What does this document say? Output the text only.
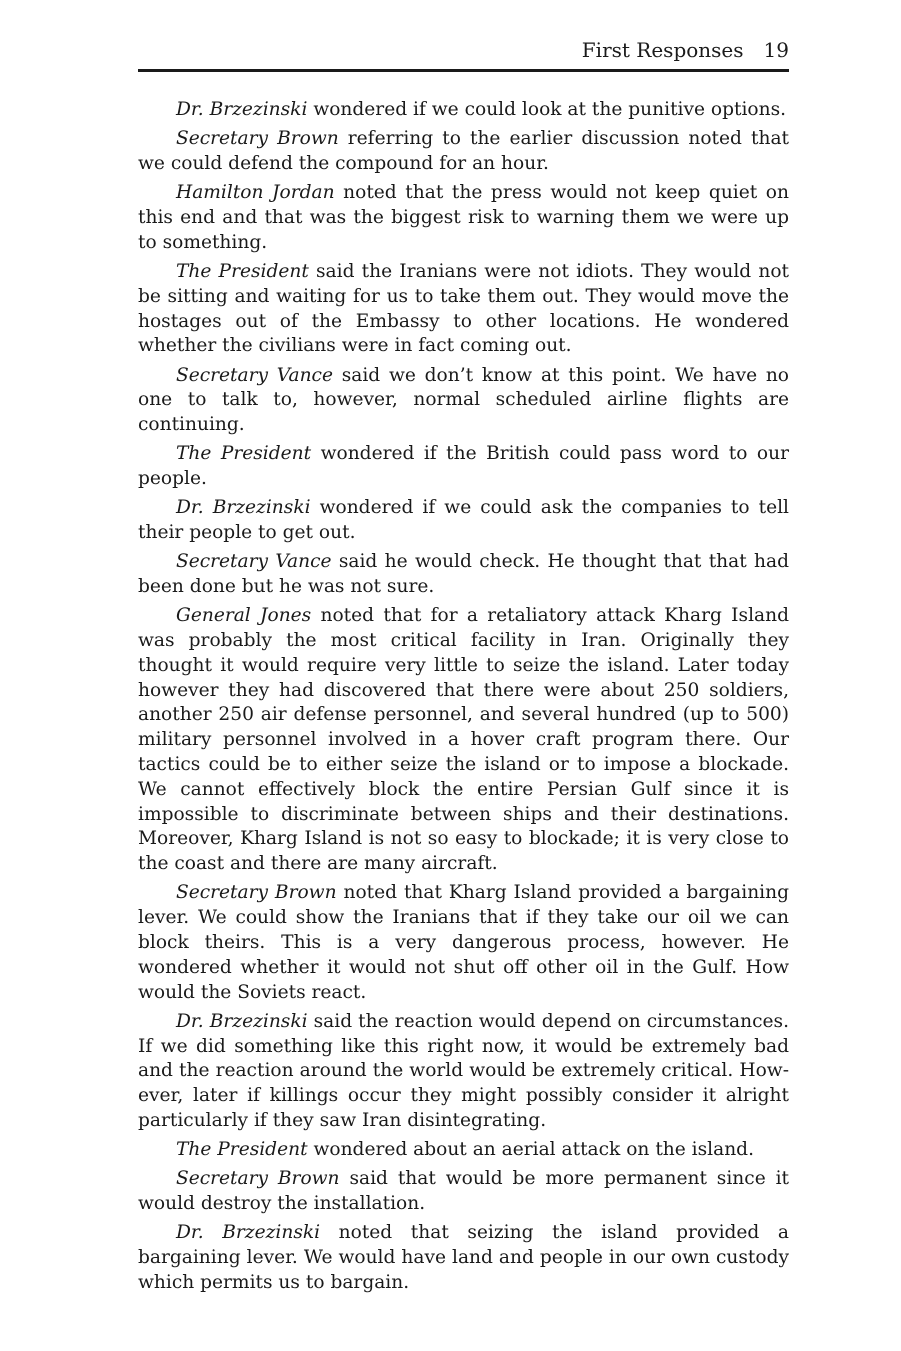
First Responses 19

Dr. Brzezinski wondered if we could look at the punitive options.

Secretary Brown referring to the earlier discussion noted that we could defend the compound for an hour.

Hamilton Jordan noted that the press would not keep quiet on this end and that was the biggest risk to warning them we were up to something.

The President said the Iranians were not idiots. They would not be sitting and waiting for us to take them out. They would move the hostages out of the Embassy to other locations. He wondered whether the civilians were in fact coming out.

Secretary Vance said we don’t know at this point. We have no one to talk to, however, normal scheduled airline flights are continuing.

The President wondered if the British could pass word to our people.

Dr. Brzezinski wondered if we could ask the companies to tell their people to get out.

Secretary Vance said he would check. He thought that that had been done but he was not sure.

General Jones noted that for a retaliatory attack Kharg Island was probably the most critical facility in Iran. Originally they thought it would require very little to seize the island. Later today however they had discovered that there were about 250 soldiers, another 250 air defense personnel, and several hundred (up to 500) military personnel involved in a hover craft program there. Our tactics could be to either seize the island or to impose a blockade. We cannot effectively block the entire Persian Gulf since it is impossible to discriminate between ships and their destinations. Moreover, Kharg Island is not so easy to blockade; it is very close to the coast and there are many aircraft.

Secretary Brown noted that Kharg Island provided a bargaining lever. We could show the Iranians that if they take our oil we can block theirs. This is a very dangerous process, however. He wondered whether it would not shut off other oil in the Gulf. How would the Soviets react.

Dr. Brzezinski said the reaction would depend on circumstances. If we did something like this right now, it would be extremely bad and the reaction around the world would be extremely critical. However, later if killings occur they might possibly consider it alright particularly if they saw Iran disintegrating.

The President wondered about an aerial attack on the island.

Secretary Brown said that would be more permanent since it would destroy the installation.

Dr. Brzezinski noted that seizing the island provided a bargaining lever. We would have land and people in our own custody which permits us to bargain.
